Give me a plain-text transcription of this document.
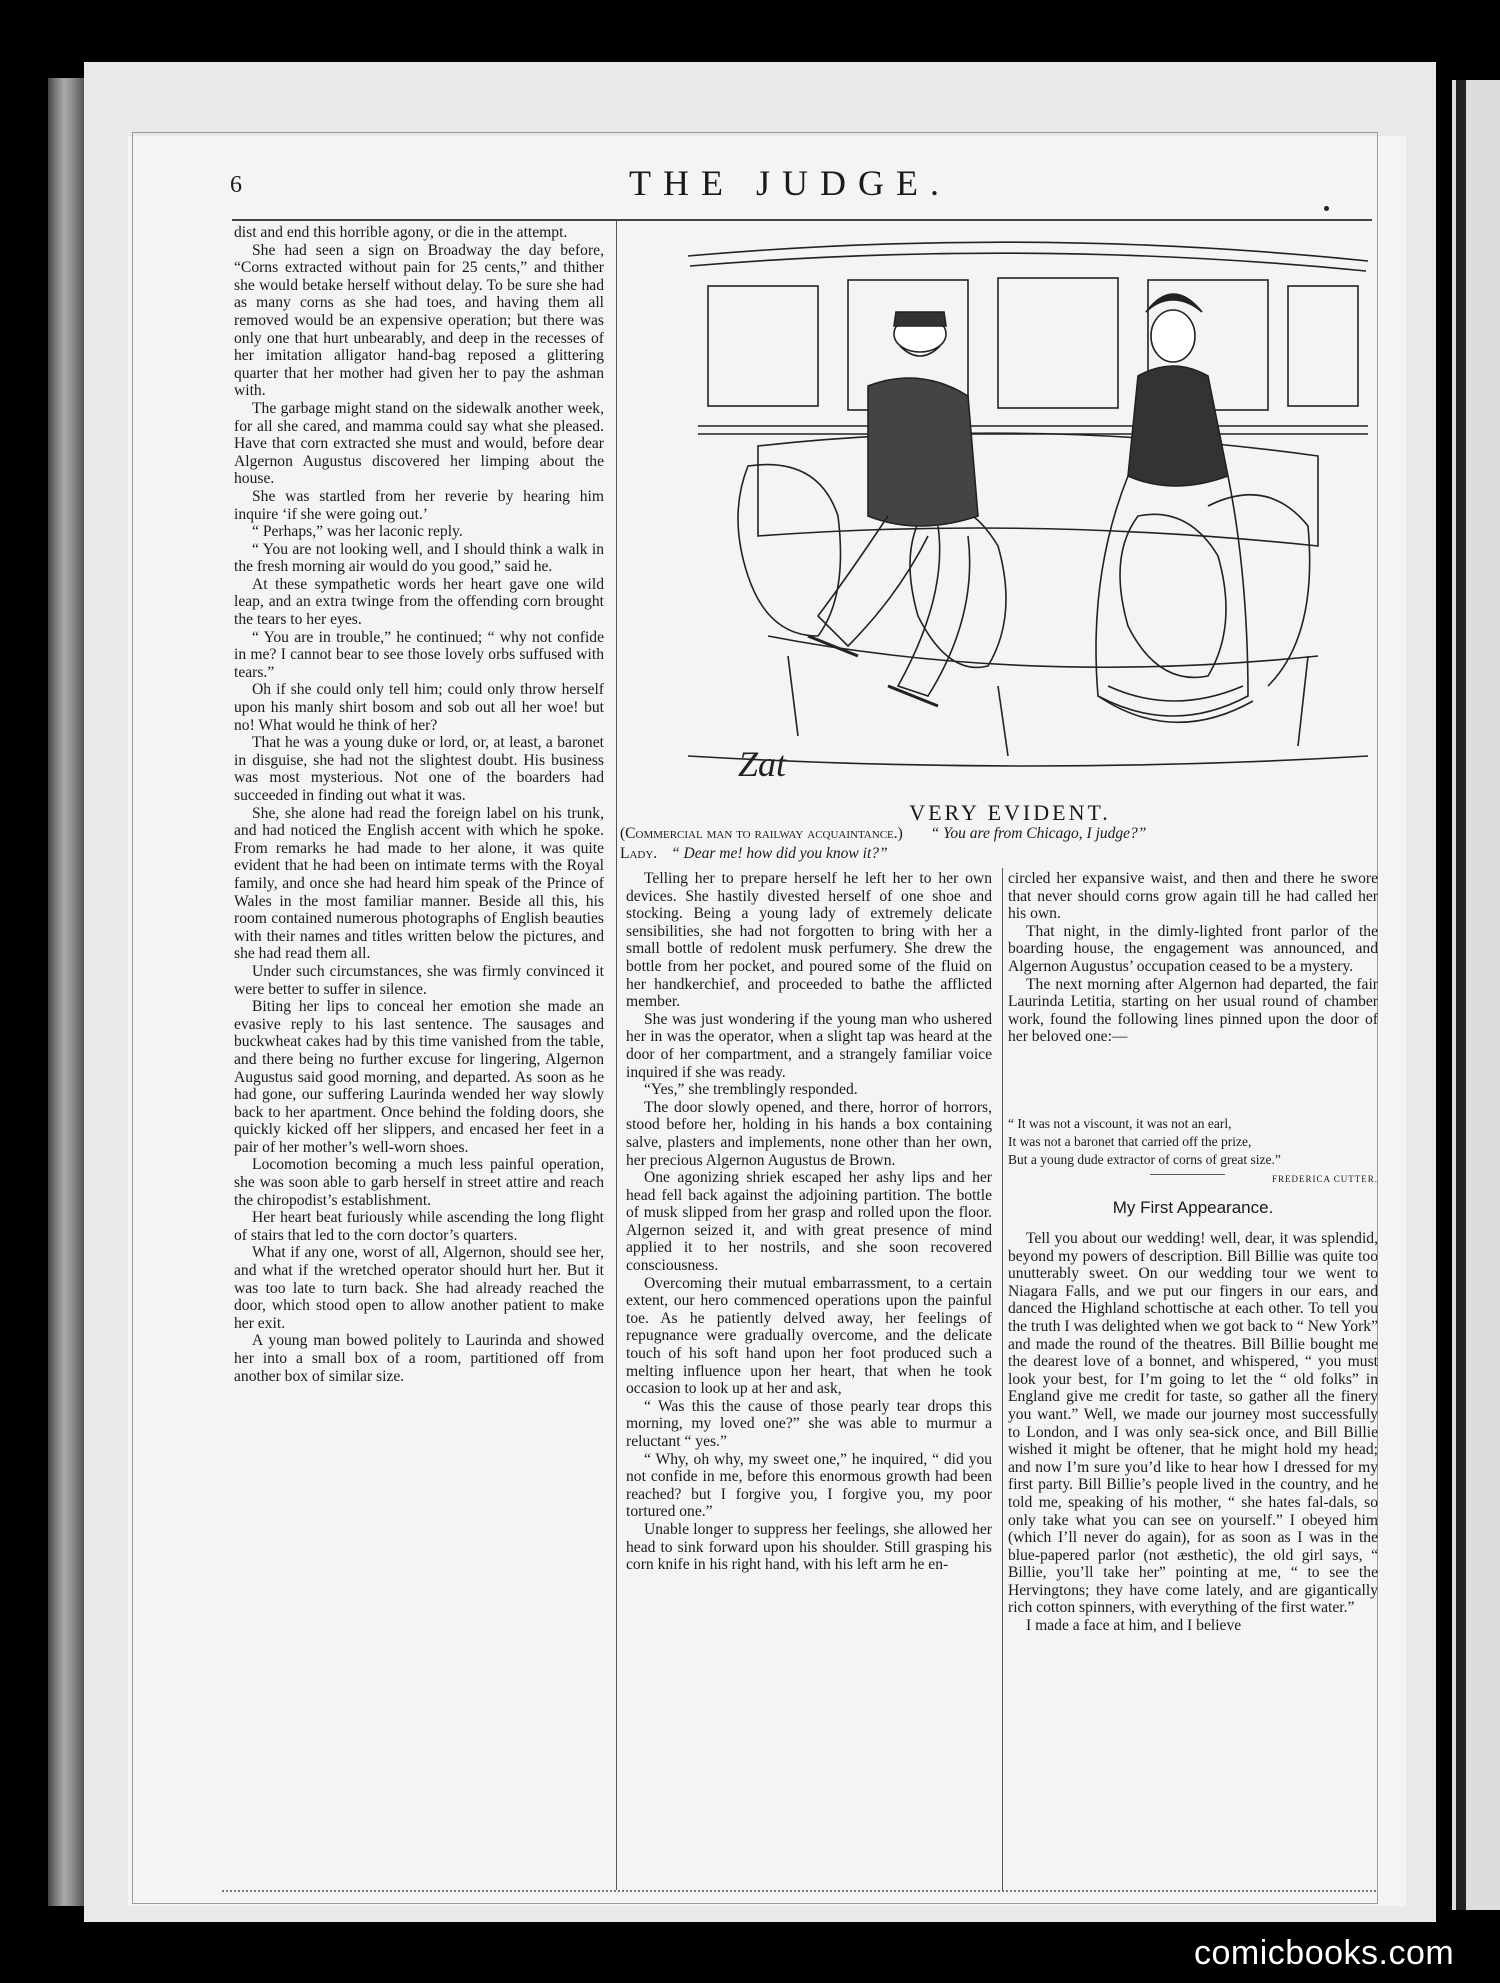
6	THE JUDGE.

dist and end this horrible agony, or die in the attempt.

She had seen a sign on Broadway the day before, “Corns extracted without pain for 25 cents,” and thither she would betake herself without delay. To be sure she had as many corns as she had toes, and having them all removed would be an expensive operation; but there was only one that hurt unbearably, and deep in the recesses of her imitation alligator hand-bag reposed a glittering quarter that her mother had given her to pay the ashman with.

The garbage might stand on the sidewalk another week, for all she cared, and mamma could say what she pleased. Have that corn extracted she must and would, before dear Algernon Augustus discovered her limping about the house.

She was startled from her reverie by hearing him inquire ‘if she were going out.’

“ Perhaps,” was her laconic reply.

“ You are not looking well, and I should think a walk in the fresh morning air would do you good,” said he.

At these sympathetic words her heart gave one wild leap, and an extra twinge from the offending corn brought the tears to her eyes.

“ You are in trouble,” he continued; “ why not confide in me? I cannot bear to see those lovely orbs suffused with tears.”

Oh if she could only tell him; could only throw herself upon his manly shirt bosom and sob out all her woe! but no! What would he think of her?

That he was a young duke or lord, or, at least, a baronet in disguise, she had not the slightest doubt. His business was most mysterious. Not one of the boarders had succeeded in finding out what it was.

She, she alone had read the foreign label on his trunk, and had noticed the English accent with which he spoke. From remarks he had made to her alone, it was quite evident that he had been on intimate terms with the Royal family, and once she had heard him speak of the Prince of Wales in the most familiar manner. Beside all this, his room contained numerous photographs of English beauties with their names and titles written below the pictures, and she had read them all.

Under such circumstances, she was firmly convinced it were better to suffer in silence.

Biting her lips to conceal her emotion she made an evasive reply to his last sentence. The sausages and buckwheat cakes had by this time vanished from the table, and there being no further excuse for lingering, Algernon Augustus said good morning, and departed. As soon as he had gone, our suffering Laurinda wended her way slowly back to her apartment. Once behind the folding doors, she quickly kicked off her slippers, and encased her feet in a pair of her mother’s well-worn shoes.

Locomotion becoming a much less painful operation, she was soon able to garb herself in street attire and reach the chiropodist’s establishment.

Her heart beat furiously while ascending the long flight of stairs that led to the corn doctor’s quarters.

What if any one, worst of all, Algernon, should see her, and what if the wretched operator should hurt her. But it was too late to turn back. She had already reached the door, which stood open to allow another patient to make her exit.

A young man bowed politely to Laurinda and showed her into a small box of a room, partitioned off from another box of similar size.

Zat
VERY EVIDENT.
(Commercial man to railway acquaintance.) “ You are from Chicago, I judge?”
Lady. “ Dear me! how did you know it?”

Telling her to prepare herself he left her to her own devices. She hastily divested herself of one shoe and stocking. Being a young lady of extremely delicate sensibilities, she had not forgotten to bring with her a small bottle of redolent musk perfumery. She drew the bottle from her pocket, and poured some of the fluid on her handkerchief, and proceeded to bathe the afflicted member.

She was just wondering if the young man who ushered her in was the operator, when a slight tap was heard at the door of her compartment, and a strangely familiar voice inquired if she was ready.

“Yes,” she tremblingly responded.

The door slowly opened, and there, horror of horrors, stood before her, holding in his hands a box containing salve, plasters and implements, none other than her own, her precious Algernon Augustus de Brown.

One agonizing shriek escaped her ashy lips and her head fell back against the adjoining partition. The bottle of musk slipped from her grasp and rolled upon the floor. Algernon seized it, and with great presence of mind applied it to her nostrils, and she soon recovered consciousness.

Overcoming their mutual embarrassment, to a certain extent, our hero commenced operations upon the painful toe. As he patiently delved away, her feelings of repugnance were gradually overcome, and the delicate touch of his soft hand upon her foot produced such a melting influence upon her heart, that when he took occasion to look up at her and ask,

“ Was this the cause of those pearly tear drops this morning, my loved one?” she was able to murmur a reluctant “ yes.”

“ Why, oh why, my sweet one,” he inquired, “ did you not confide in me, before this enormous growth had been reached? but I forgive you, I forgive you, my poor tortured one.”

Unable longer to suppress her feelings, she allowed her head to sink forward upon his shoulder. Still grasping his corn knife in his right hand, with his left arm he en-

circled her expansive waist, and then and there he swore that never should corns grow again till he had called her his own.

That night, in the dimly-lighted front parlor of the boarding house, the engagement was announced, and Algernon Augustus’ occupation ceased to be a mystery.

The next morning after Algernon had departed, the fair Laurinda Letitia, starting on her usual round of chamber work, found the following lines pinned upon the door of her beloved one:—

“ It was not a viscount, it was not an earl,
It was not a baronet that carried off the prize,
But a young dude extractor of corns of great size.”
FREDERICA CUTTER.
My First Appearance.

Tell you about our wedding! well, dear, it was splendid, beyond my powers of description. Bill Billie was quite too unutterably sweet. On our wedding tour we went to Niagara Falls, and we put our fingers in our ears, and danced the Highland schottische at each other. To tell you the truth I was delighted when we got back to “ New York” and made the round of the theatres. Bill Billie bought me the dearest love of a bonnet, and whispered, “ you must look your best, for I’m going to let the “ old folks” in England give me credit for taste, so gather all the finery you want.” Well, we made our journey most successfully to London, and I was only sea-sick once, and Bill Billie wished it might be oftener, that he might hold my head; and now I’m sure you’d like to hear how I dressed for my first party. Bill Billie’s people lived in the country, and he told me, speaking of his mother, “ she hates fal-dals, so only take what you can see on yourself.” I obeyed him (which I’ll never do again), for as soon as I was in the blue-papered parlor (not æsthetic), the old girl says, “ Billie, you’ll take her” pointing at me, “ to see the Hervingtons; they have come lately, and are gigantically rich cotton spinners, with everything of the first water.”

I made a face at him, and I believe

comicbooks.com
